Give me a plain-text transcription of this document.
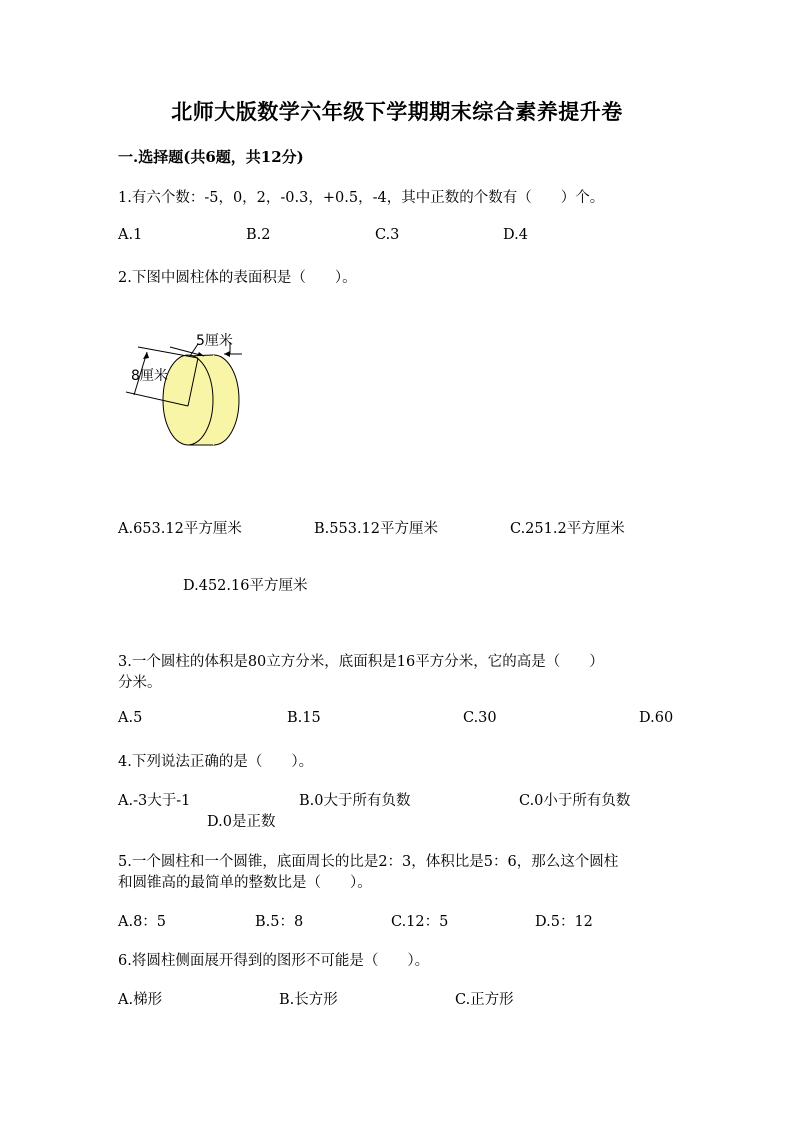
北师大版数学六年级下学期期末综合素养提升卷
一.选择题(共6题，共12分)
1.有六个数：-5，0，2，-0.3，+0.5，-4，其中正数的个数有（　　）个。
A.1	B.2	C.3	D.4
2.下图中圆柱体的表面积是（　　）。
5厘米
8厘米
A.653.12平方厘米	B.553.12平方厘米	C.251.2平方厘米
D.452.16平方厘米
3.一个圆柱的体积是80立方分米，底面积是16平方分米，它的高是（　　）
分米。
A.5	B.15	C.30	D.60
4.下列说法正确的是（　　）。
A.-3大于-1	B.0大于所有负数	C.0小于所有负数
D.0是正数
5.一个圆柱和一个圆锥，底面周长的比是2：3，体积比是5：6，那么这个圆柱
和圆锥高的最简单的整数比是（　　）。
A.8：5	B.5：8	C.12：5	D.5：12
6.将圆柱侧面展开得到的图形不可能是（　　）。
A.梯形	B.长方形	C.正方形
